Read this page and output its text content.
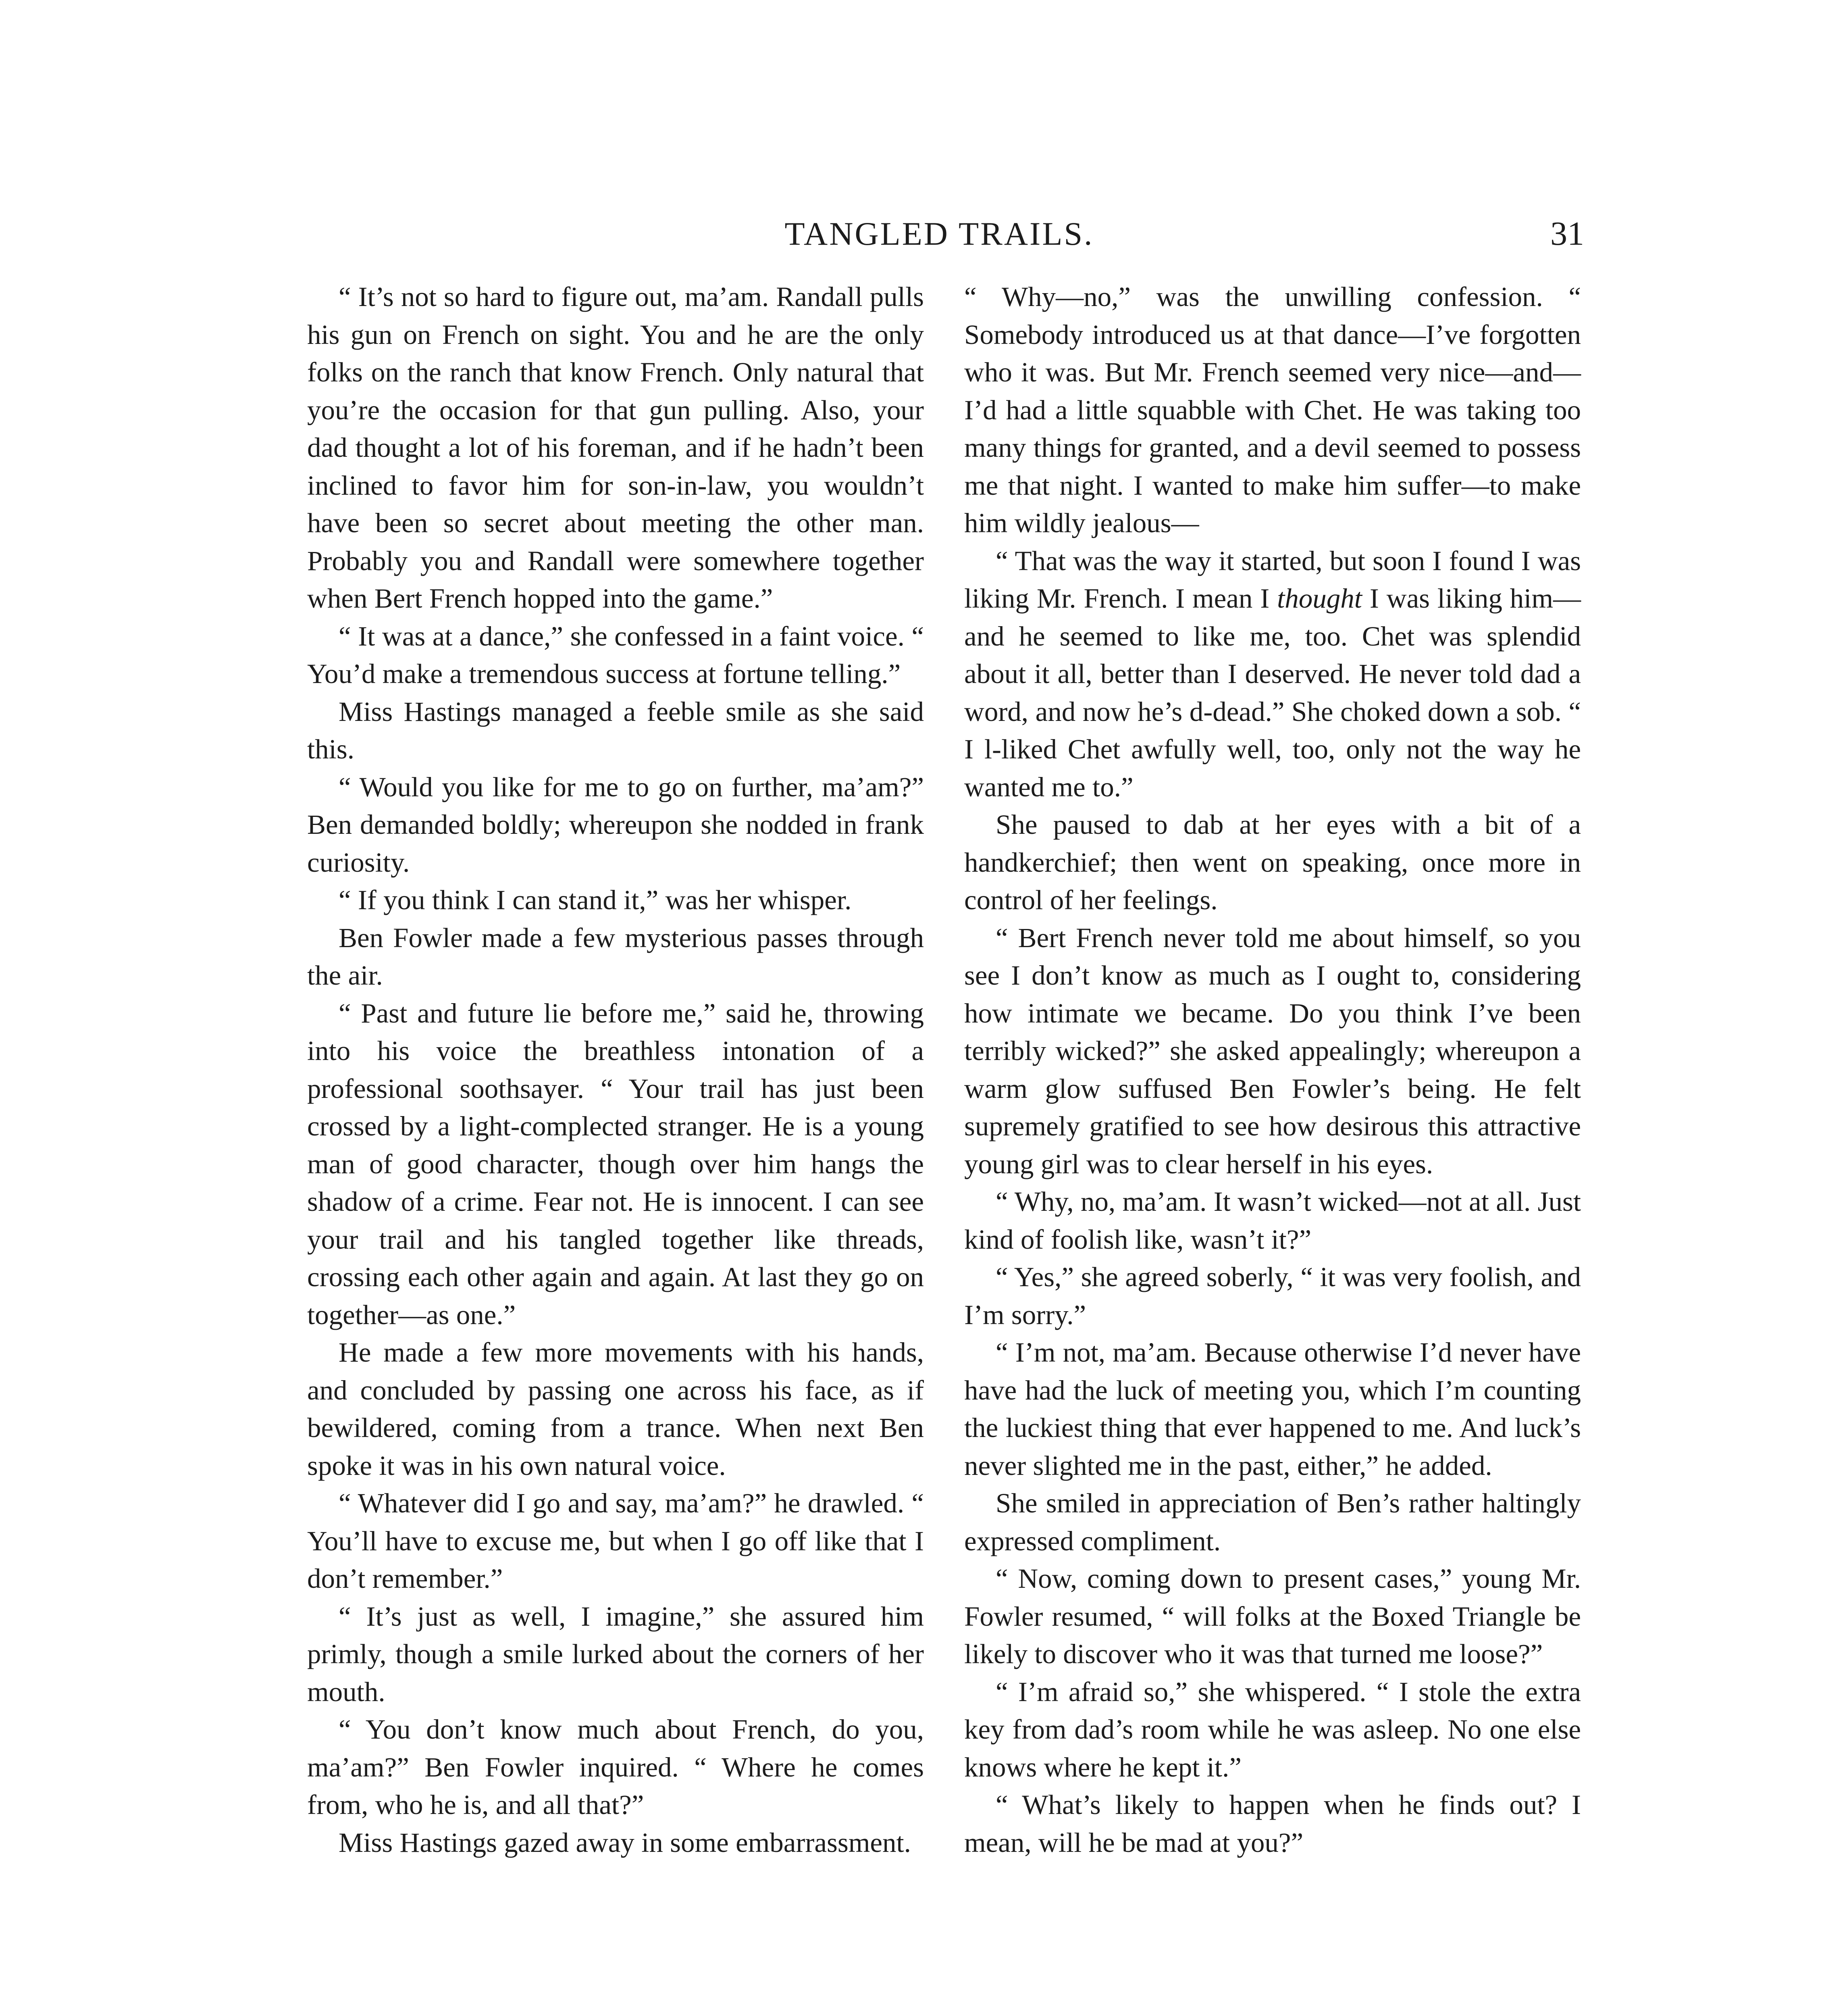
TANGLED TRAILS.	31

“ It’s not so hard to figure out, ma’am. Randall pulls his gun on French on sight. You and he are the only folks on the ranch that know French. Only natural that you’re the occasion for that gun pulling. Also, your dad thought a lot of his foreman, and if he hadn’t been inclined to favor him for son-in-law, you wouldn’t have been so secret about meeting the other man. Probably you and Randall were somewhere together when Bert French hopped into the game.”

“ It was at a dance,” she confessed in a faint voice. “ You’d make a tremendous success at fortune telling.”

Miss Hastings managed a feeble smile as she said this.

“ Would you like for me to go on further, ma’am?” Ben demanded boldly; whereupon she nodded in frank curiosity.

“ If you think I can stand it,” was her whisper.

Ben Fowler made a few mysterious passes through the air.

“ Past and future lie before me,” said he, throwing into his voice the breathless intonation of a professional soothsayer. “ Your trail has just been crossed by a light-complected stranger. He is a young man of good character, though over him hangs the shadow of a crime. Fear not. He is innocent. I can see your trail and his tangled together like threads, crossing each other again and again. At last they go on together—as one.”

He made a few more movements with his hands, and concluded by passing one across his face, as if bewildered, coming from a trance. When next Ben spoke it was in his own natural voice.

“ Whatever did I go and say, ma’am?” he drawled. “ You’ll have to excuse me, but when I go off like that I don’t remember.”

“ It’s just as well, I imagine,” she assured him primly, though a smile lurked about the corners of her mouth.

“ You don’t know much about French, do you, ma’am?” Ben Fowler inquired. “ Where he comes from, who he is, and all that?”

Miss Hastings gazed away in some embarrassment.

“ Why—no,” was the unwilling confession. “ Somebody introduced us at that dance—I’ve forgotten who it was. But Mr. French seemed very nice—and—I’d had a little squabble with Chet. He was taking too many things for granted, and a devil seemed to possess me that night. I wanted to make him suffer—to make him wildly jealous—

“ That was the way it started, but soon I found I was liking Mr. French. I mean I thought I was liking him—and he seemed to like me, too. Chet was splendid about it all, better than I deserved. He never told dad a word, and now he’s d-dead.” She choked down a sob. “ I l-liked Chet awfully well, too, only not the way he wanted me to.”

She paused to dab at her eyes with a bit of a handkerchief; then went on speaking, once more in control of her feelings.

“ Bert French never told me about himself, so you see I don’t know as much as I ought to, considering how intimate we became. Do you think I’ve been terribly wicked?” she asked appealingly; whereupon a warm glow suffused Ben Fowler’s being. He felt supremely gratified to see how desirous this attractive young girl was to clear herself in his eyes.

“ Why, no, ma’am. It wasn’t wicked—not at all. Just kind of foolish like, wasn’t it?”

“ Yes,” she agreed soberly, “ it was very foolish, and I’m sorry.”

“ I’m not, ma’am. Because otherwise I’d never have have had the luck of meeting you, which I’m counting the luckiest thing that ever happened to me. And luck’s never slighted me in the past, either,” he added.

She smiled in appreciation of Ben’s rather haltingly expressed compliment.

“ Now, coming down to present cases,” young Mr. Fowler resumed, “ will folks at the Boxed Triangle be likely to discover who it was that turned me loose?”

“ I’m afraid so,” she whispered. “ I stole the extra key from dad’s room while he was asleep. No one else knows where he kept it.”

“ What’s likely to happen when he finds out? I mean, will he be mad at you?”
